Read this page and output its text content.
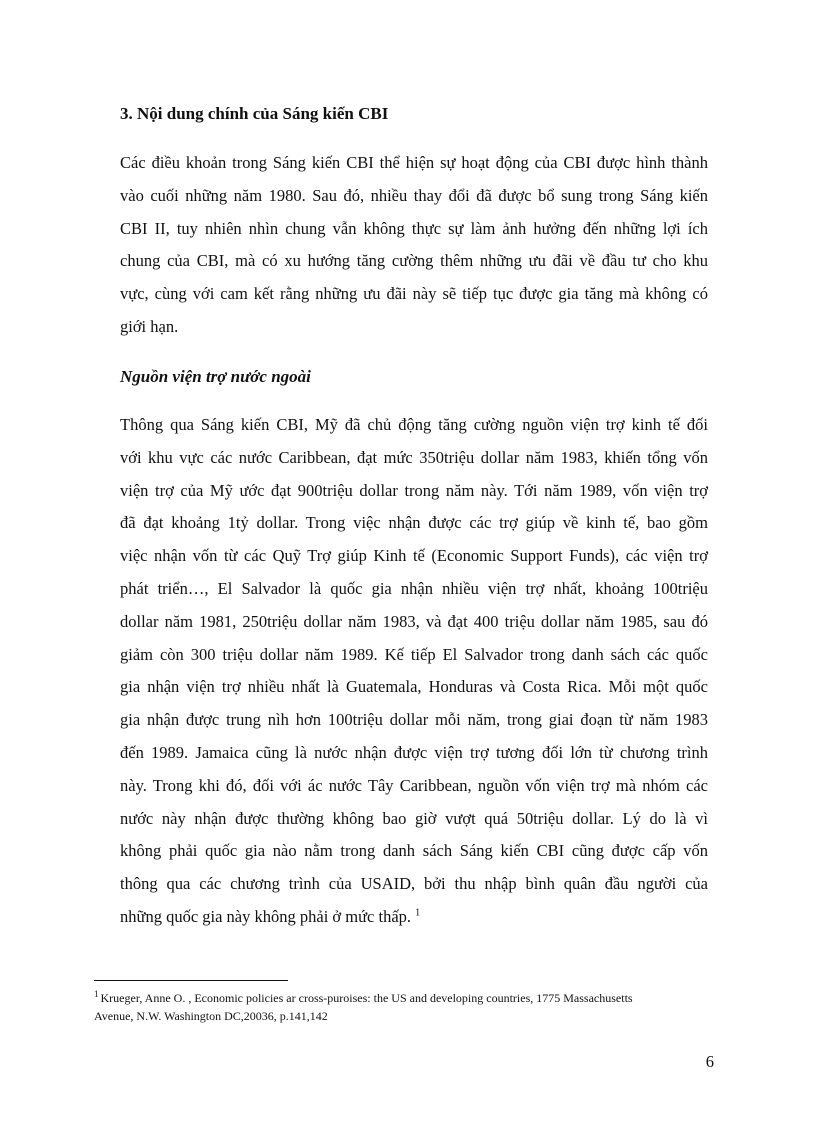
3. Nội dung chính của Sáng kiến CBI
Các điều khoản trong Sáng kiến CBI thể hiện sự hoạt động của CBI được hình thành
vào cuối những năm 1980. Sau đó, nhiều thay đổi đã được bổ sung trong Sáng kiến
CBI II, tuy nhiên nhìn chung vẫn không thực sự làm ảnh hưởng đến những lợi ích
chung của CBI, mà có xu hướng tăng cường thêm những ưu đãi về đầu tư cho khu
vực, cùng với cam kết rằng những ưu đãi này sẽ tiếp tục được gia tăng mà không có
giới hạn.
Nguồn viện trợ nước ngoài
Thông qua Sáng kiến CBI, Mỹ đã chủ động tăng cường nguồn viện trợ kinh tế đối
với khu vực các nước Caribbean, đạt mức 350triệu dollar năm 1983, khiến tổng vốn
viện trợ của Mỹ ước đạt 900triệu dollar trong năm này. Tới năm 1989, vốn viện trợ
đã đạt khoảng 1tỷ dollar. Trong việc nhận được các trợ giúp về kinh tế, bao gồm
việc nhận vốn từ các Quỹ Trợ giúp Kinh tế (Economic Support Funds), các viện trợ
phát triển…, El Salvador là quốc gia nhận nhiều viện trợ nhất, khoảng 100triệu
dollar năm 1981, 250triệu dollar năm 1983, và đạt 400 triệu dollar năm 1985, sau đó
giảm còn 300 triệu dollar năm 1989. Kế tiếp El Salvador trong danh sách các quốc
gia nhận viện trợ nhiều nhất là Guatemala, Honduras và Costa Rica. Mỗi một quốc
gia nhận được trung nìh hơn 100triệu dollar mỗi năm, trong giai đoạn từ năm 1983
đến 1989. Jamaica cũng là nước nhận được viện trợ tương đối lớn từ chương trình
này. Trong khi đó, đối với ác nước Tây Caribbean, nguồn vốn viện trợ mà nhóm các
nước này nhận được thường không bao giờ vượt quá 50triệu dollar. Lý do là vì
không phải quốc gia nào nằm trong danh sách Sáng kiến CBI cũng được cấp vốn
thông qua các chương trình của USAID, bởi thu nhập bình quân đầu người của
những quốc gia này không phải ở mức thấp. $^1$
$^1$ Krueger, Anne O. , Economic policies ar cross-puroises: the US and developing countries, 1775 Massachusetts
Avenue, N.W. Washington DC,20036, p.141,142
6
